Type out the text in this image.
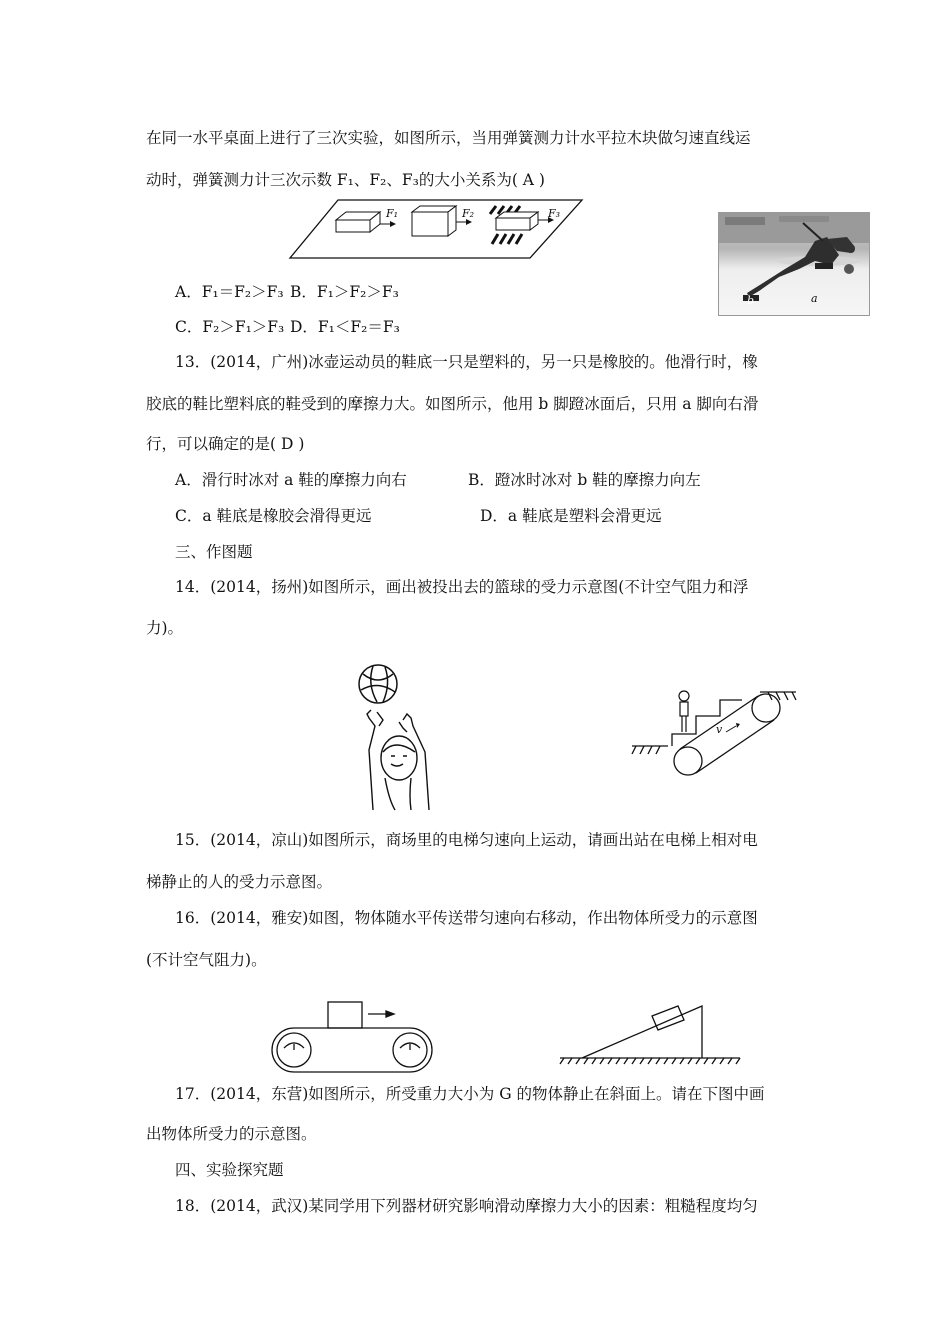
在同一水平桌面上进行了三次实验，如图所示，当用弹簧测力计水平拉木块做匀速直线运
动时，弹簧测力计三次示数 F₁、F₂、F₃的大小关系为( A )
F₁	F₂	F₃
b	a
A．F₁＝F₂＞F₃ B．F₁＞F₂＞F₃
C．F₂＞F₁＞F₃ D．F₁＜F₂＝F₃
13．(2014，广州)冰壶运动员的鞋底一只是塑料的，另一只是橡胶的。他滑行时，橡
胶底的鞋比塑料底的鞋受到的摩擦力大。如图所示，他用 b 脚蹬冰面后，只用 a 脚向右滑
行，可以确定的是( D )
A．滑行时冰对 a 鞋的摩擦力向右	B．蹬冰时冰对 b 鞋的摩擦力向左
C．a 鞋底是橡胶会滑得更远	D．a 鞋底是塑料会滑更远
三、作图题
14．(2014，扬州)如图所示，画出被投出去的篮球的受力示意图(不计空气阻力和浮
力)。
v
15．(2014，凉山)如图所示，商场里的电梯匀速向上运动，请画出站在电梯上相对电
梯静止的人的受力示意图。
16．(2014，雅安)如图，物体随水平传送带匀速向右移动，作出物体所受力的示意图
(不计空气阻力)。
17．(2014，东营)如图所示，所受重力大小为 G 的物体静止在斜面上。请在下图中画
出物体所受力的示意图。
四、实验探究题
18．(2014，武汉)某同学用下列器材研究影响滑动摩擦力大小的因素：粗糙程度均匀
